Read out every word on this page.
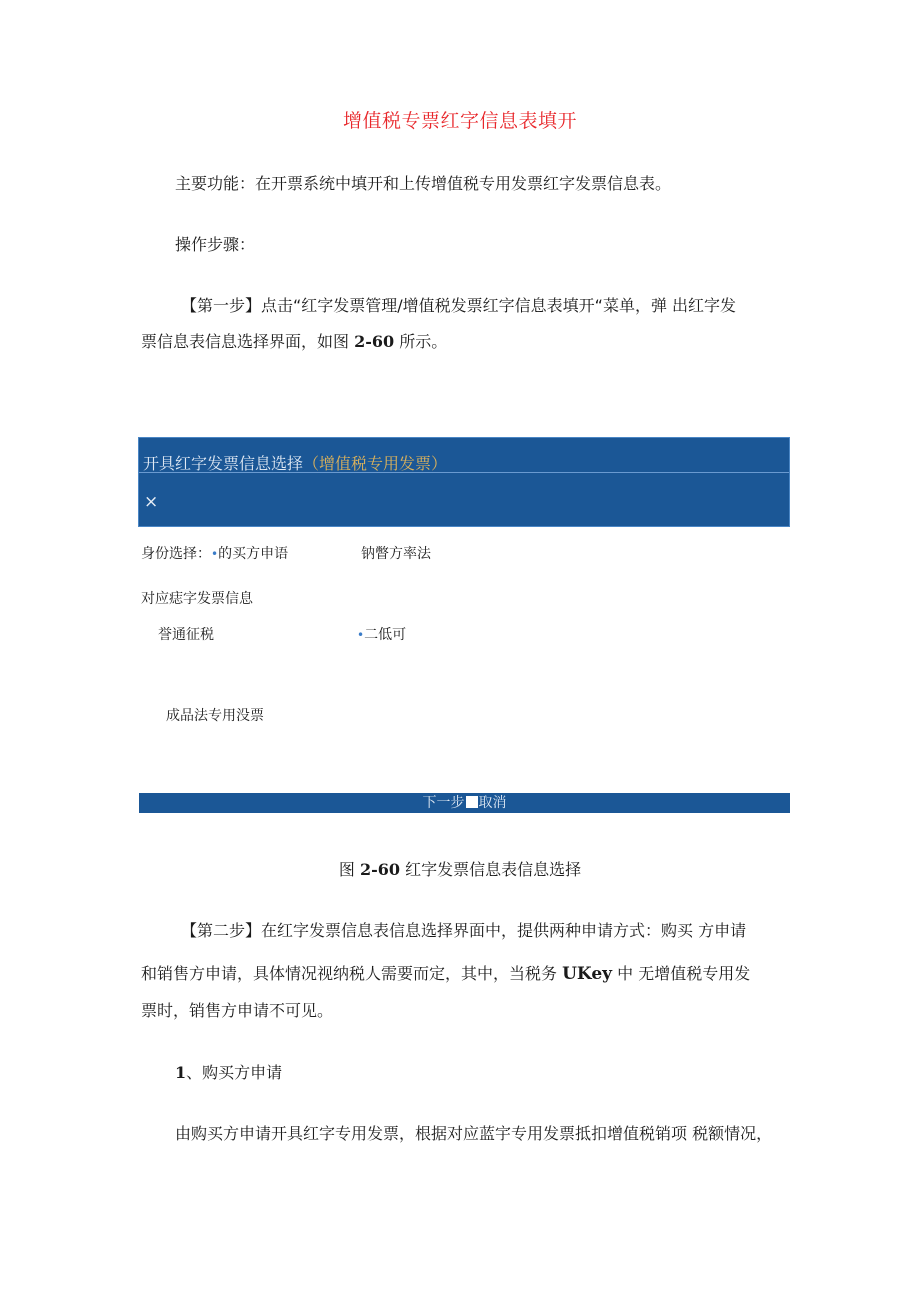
增值税专票红字信息表填开
主要功能：在开票系统中填开和上传增值税专用发票红字发票信息表。
操作步骤：
【第一步】点击“红字发票管理/增值税发票红字信息表填开“菜单，弹 出红字发
票信息表信息选择界面，如图 2-60 所示。
开具红字发票信息选择（增值税专用发票）
×
身份选择：•的买方申语	钠瞥方率法
对应痣字发票信息
誉通征税	•二低可
成品法专用没票
下一步 取消
图 2-60 红字发票信息表信息选择
【第二步】在红字发票信息表信息选择界面中，提供两种申请方式：购买 方申请
和销售方申请，具体情况视纳税人需要而定，其中，当税务 UKey 中 无增值税专用发
票时，销售方申请不可见。
1、购买方申请
由购买方申请开具红字专用发票，根据对应蓝宇专用发票抵扣增值税销项 税额情况，
